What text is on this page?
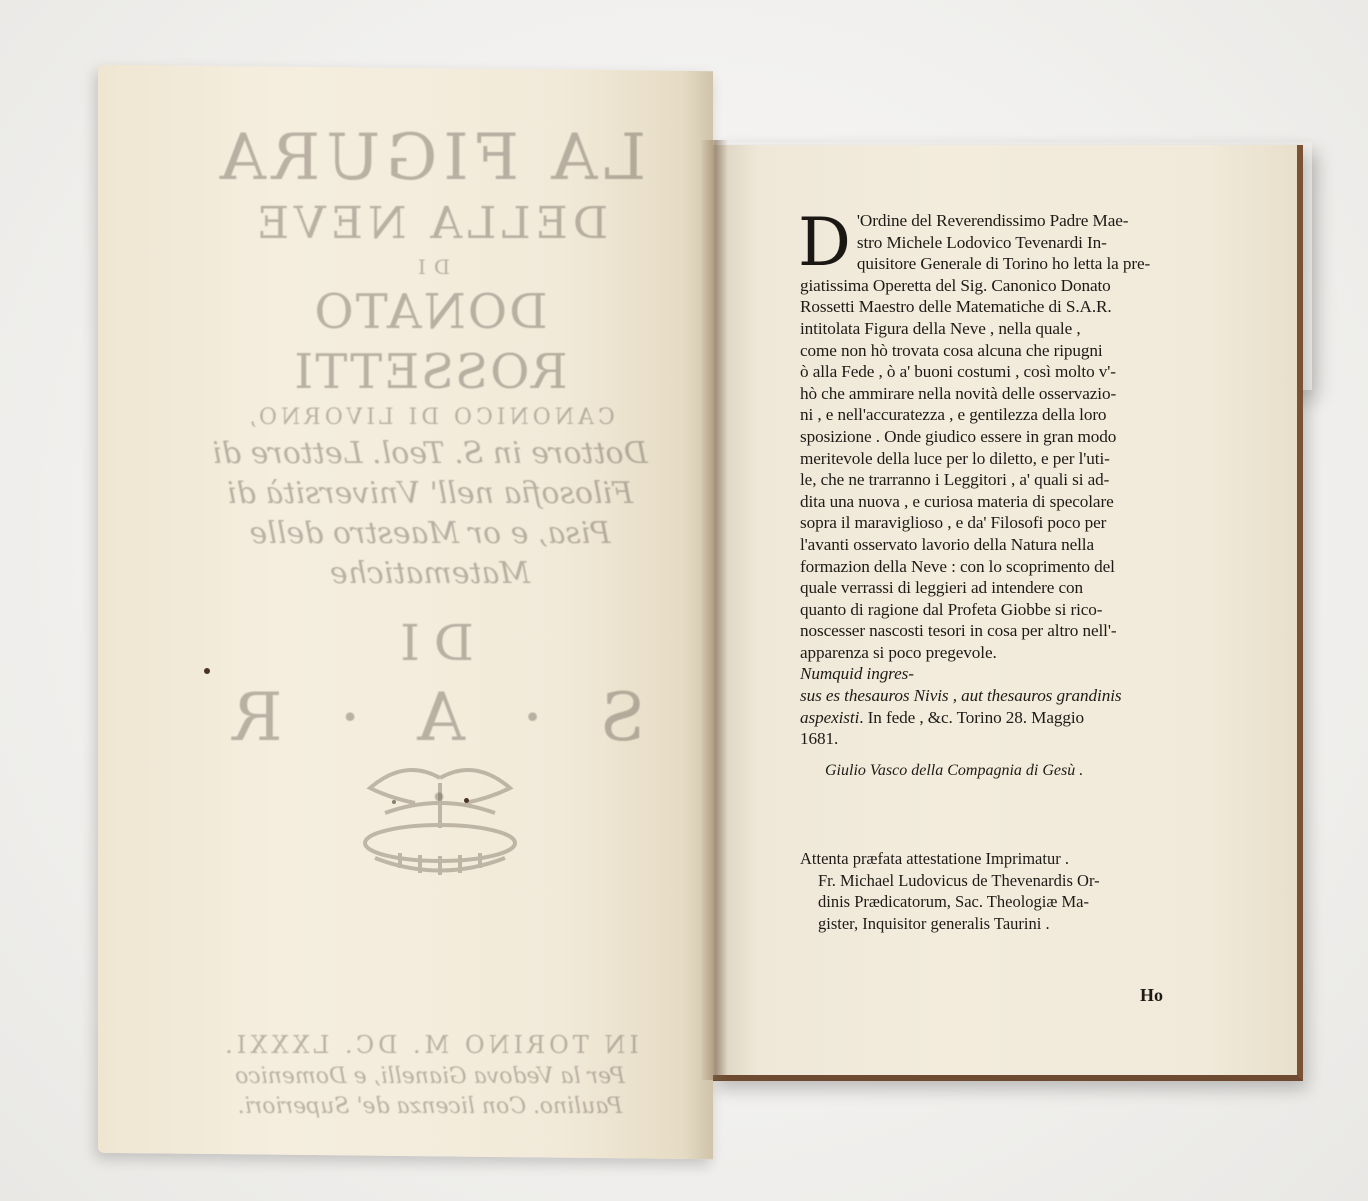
LA FIGURA
DELLA NEVE
DI
DONATO ROSSETTI
CANONICO DI LIVORNO,
Dottore in S. Teol. Lettore di Filosofia nell' Vniversità di Pisa, e or Maestro delle Matematiche
DI
S · A · R ·
IN TORINO M. DC. LXXXI.
Per la Vedova Gianelli, e Domenico Paulino. Con licenza de' Superiori.
D 'Ordine del Reverendissimo Padre Mae-

stro Michele Lodovico Tevenardi In-

quisitore Generale di Torino ho letta la pre-

giatissima Operetta del Sig. Canonico Donato

Rossetti Maestro delle Matematiche di S.A.R.

intitolata Figura della Neve , nella quale ,

come non hò trovata cosa alcuna che ripugni

ò alla Fede , ò a' buoni costumi , così molto v'-

hò che ammirare nella novità delle osservazio-

ni , e nell'accuratezza , e gentilezza della loro

sposizione . Onde giudico essere in gran modo

meritevole della luce per lo diletto, e per l'uti-

le, che ne trarranno i Leggitori , a' quali si ad-

dita una nuova , e curiosa materia di specolare

sopra il maraviglioso , e da' Filosofi poco per

l'avanti osservato lavorio della Natura nella

formazion della Neve : con lo scoprimento del

quale verrassi di leggieri ad intendere con

quanto di ragione dal Profeta Giobbe si rico-

noscesser nascosti tesori in cosa per altro nell'-

apparenza si poco pregevole.

Numquid ingres-

sus es thesauros Nivis , aut thesauros grandinis

aspexisti. In fede , &c. Torino 28. Maggio

1681.

Giulio Vasco della Compagnia di Gesù .
Attenta præfata attestatione Imprimatur .
Fr. Michael Ludovicus de Thevenardis Or-
dinis Prædicatorum, Sac. Theologiæ Ma-
gister, Inquisitor generalis Taurini .
Ho
